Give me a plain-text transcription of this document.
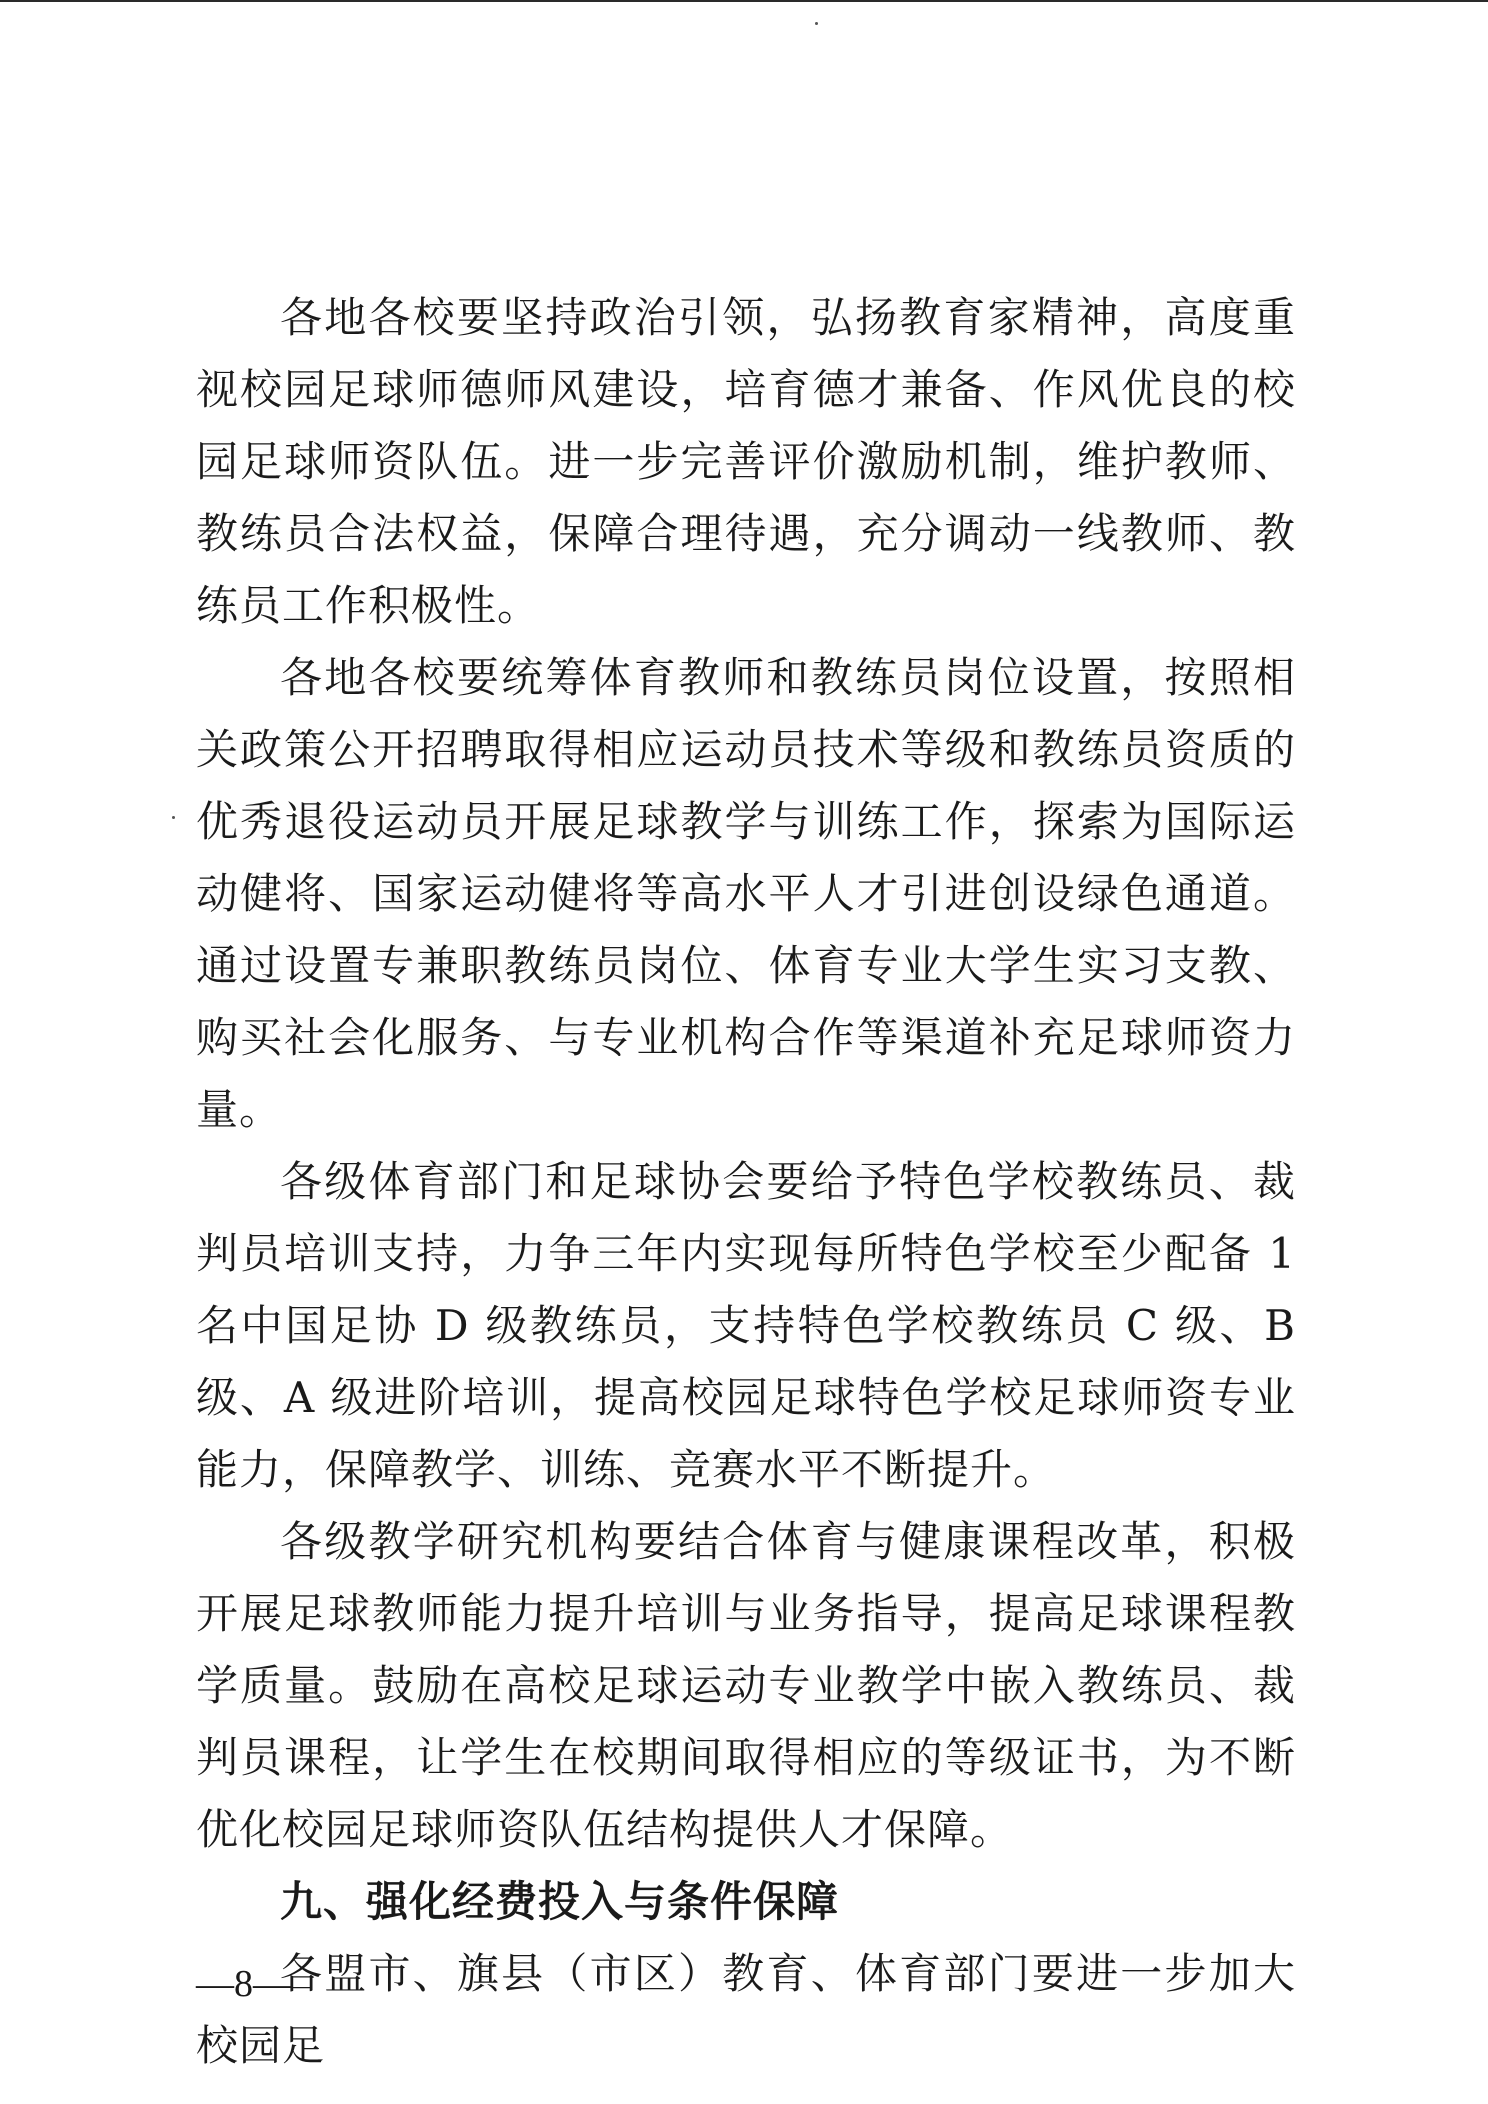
各地各校要坚持政治引领，弘扬教育家精神，高度重视校园足球师德师风建设，培育德才兼备、作风优良的校园足球师资队伍。进一步完善评价激励机制，维护教师、教练员合法权益，保障合理待遇，充分调动一线教师、教练员工作积极性。

各地各校要统筹体育教师和教练员岗位设置，按照相关政策公开招聘取得相应运动员技术等级和教练员资质的优秀退役运动员开展足球教学与训练工作，探索为国际运动健将、国家运动健将等高水平人才引进创设绿色通道。通过设置专兼职教练员岗位、体育专业大学生实习支教、购买社会化服务、与专业机构合作等渠道补充足球师资力量。

各级体育部门和足球协会要给予特色学校教练员、裁判员培训支持，力争三年内实现每所特色学校至少配备 1 名中国足协 D 级教练员，支持特色学校教练员 C 级、B 级、A 级进阶培训，提高校园足球特色学校足球师资专业能力，保障教学、训练、竞赛水平不断提升。

各级教学研究机构要结合体育与健康课程改革，积极开展足球教师能力提升培训与业务指导，提高足球课程教学质量。鼓励在高校足球运动专业教学中嵌入教练员、裁判员课程，让学生在校期间取得相应的等级证书，为不断优化校园足球师资队伍结构提供人才保障。

九、强化经费投入与条件保障

各盟市、旗县（市区）教育、体育部门要进一步加大校园足

—8—
